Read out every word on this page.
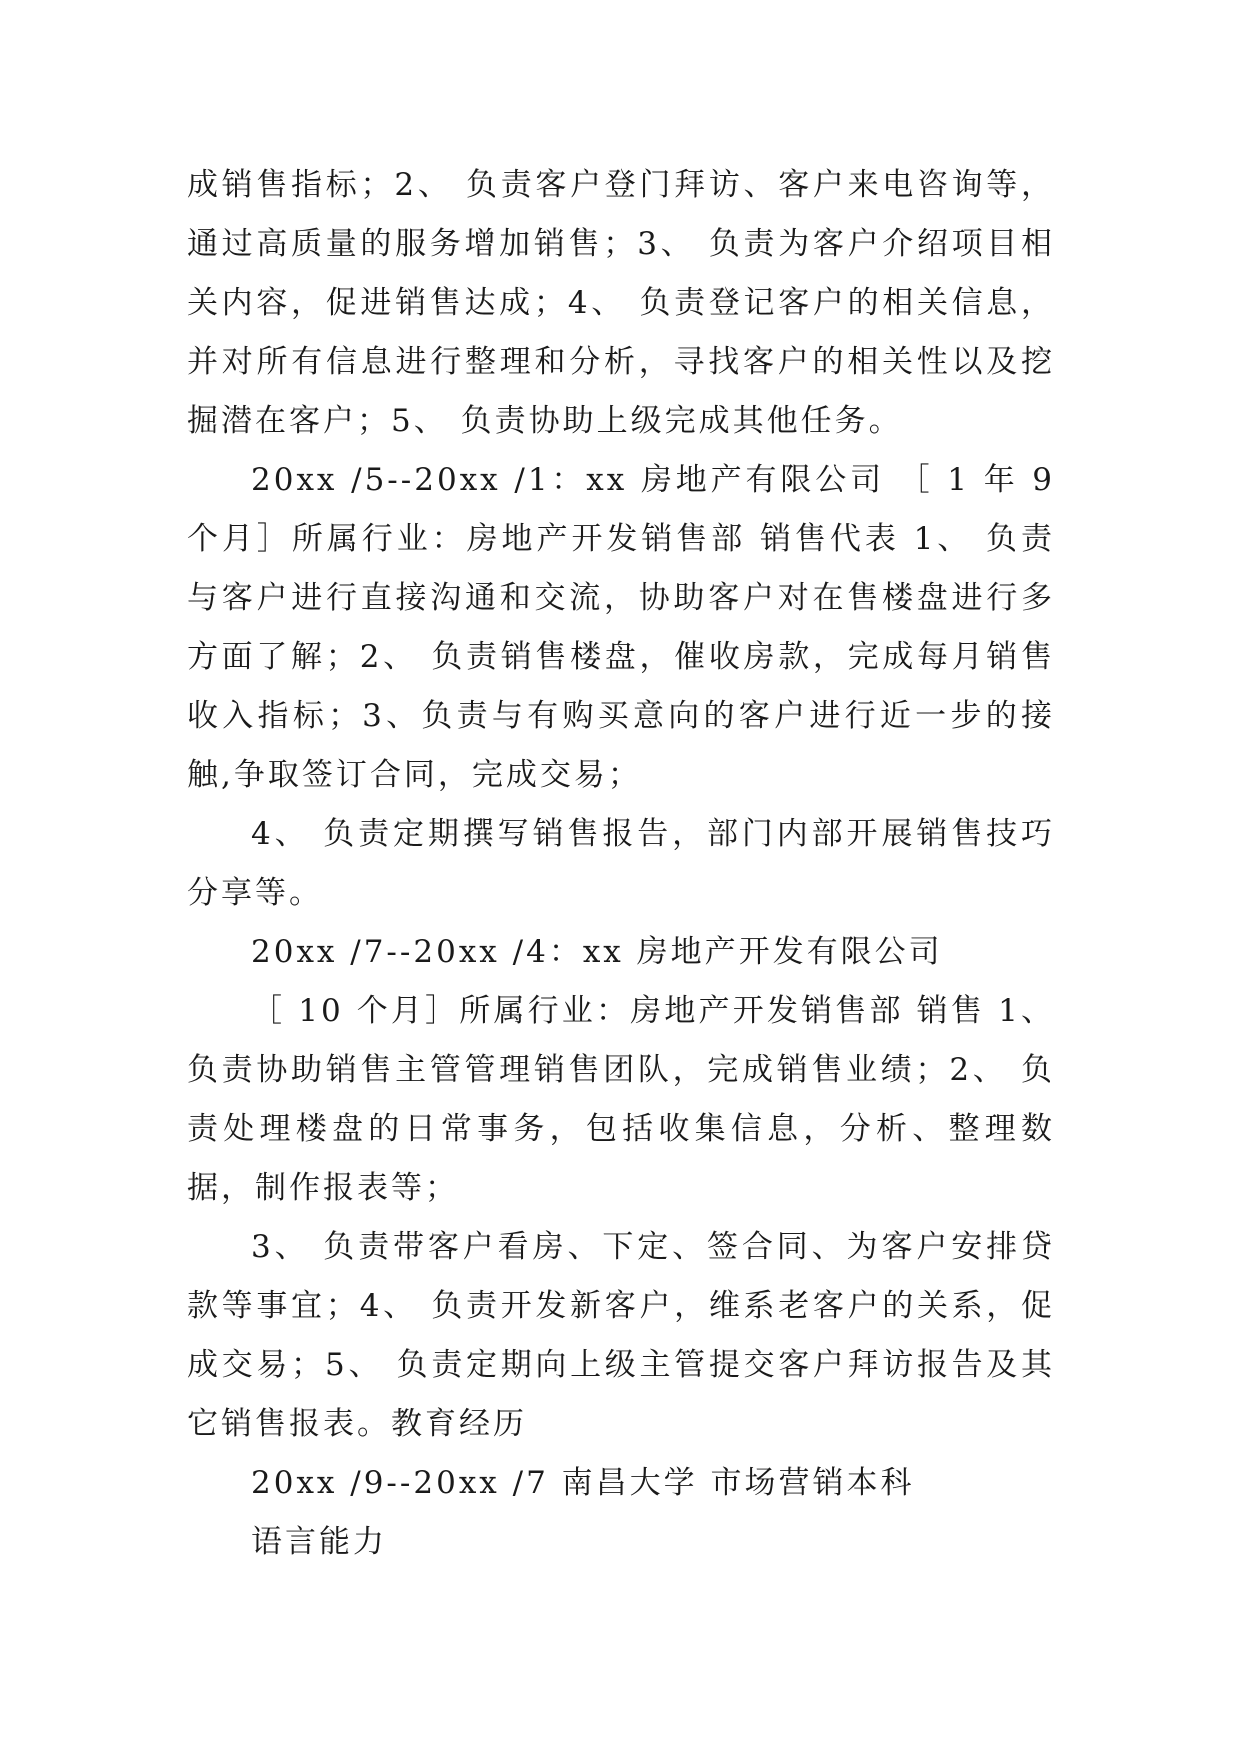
成销售指标；2、 负责客户登门拜访、客户来电咨询等，通过高质量的服务增加销售；3、 负责为客户介绍项目相关内容，促进销售达成；4、 负责登记客户的相关信息，并对所有信息进行整理和分析，寻找客户的相关性以及挖掘潜在客户；5、 负责协助上级完成其他任务。

20xx /5--20xx /1：xx 房地产有限公司 ［ 1 年 9 个月］所属行业：房地产开发销售部 销售代表 1、 负责与客户进行直接沟通和交流，协助客户对在售楼盘进行多方面了解；2、 负责销售楼盘，催收房款，完成每月销售收入指标；3、负责与有购买意向的客户进行近一步的接触,争取签订合同，完成交易；

4、 负责定期撰写销售报告，部门内部开展销售技巧分享等。

20xx /7--20xx /4：xx 房地产开发有限公司

［ 10 个月］所属行业：房地产开发销售部 销售 1、 负责协助销售主管管理销售团队，完成销售业绩；2、 负责处理楼盘的日常事务，包括收集信息，分析、整理数据，制作报表等；

3、 负责带客户看房、下定、签合同、为客户安排贷款等事宜；4、 负责开发新客户，维系老客户的关系，促成交易；5、 负责定期向上级主管提交客户拜访报告及其它销售报表。教育经历

20xx /9--20xx /7 南昌大学 市场营销本科

语言能力
